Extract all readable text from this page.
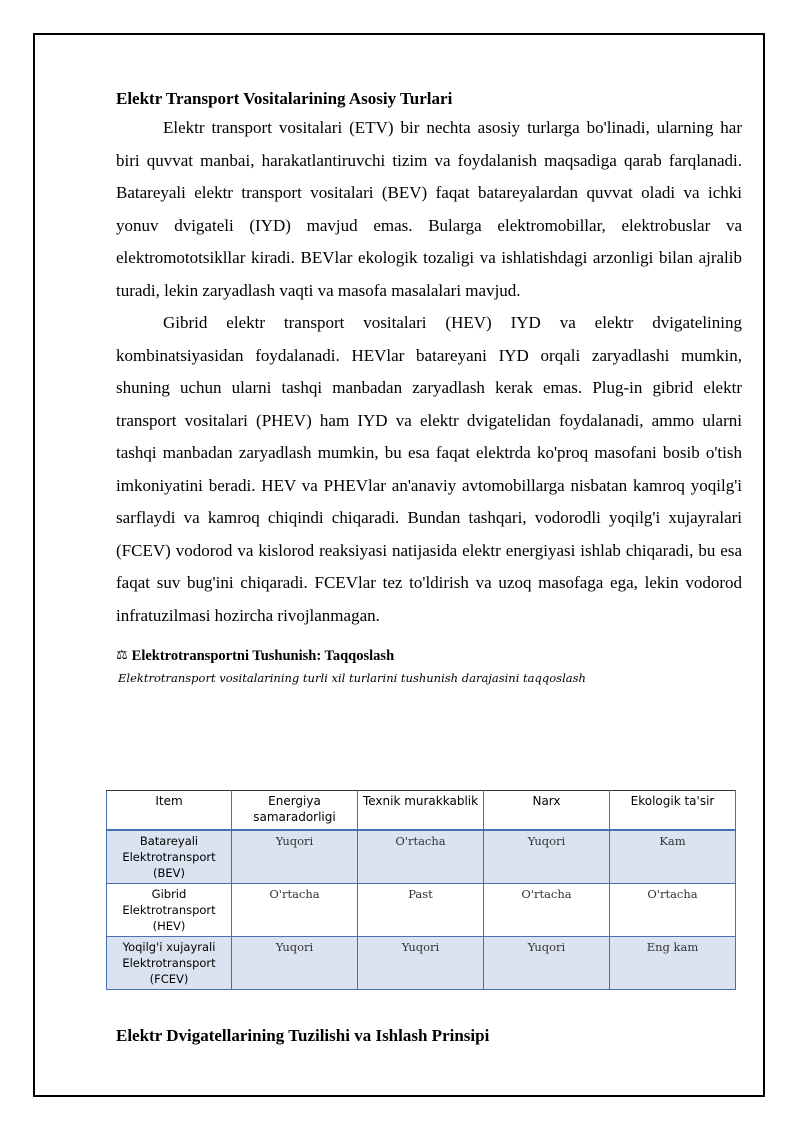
Elektr Transport Vositalarining Asosiy Turlari

Elektr transport vositalari (ETV) bir nechta asosiy turlarga bo'linadi, ularning har biri quvvat manbai, harakatlantiruvchi tizim va foydalanish maqsadiga qarab farqlanadi. Batareyali elektr transport vositalari (BEV) faqat batareyalardan quvvat oladi va ichki yonuv dvigateli (IYD) mavjud emas. Bularga elektromobillar, elektrobuslar va elektromototsikllar kiradi. BEVlar ekologik tozaligi va ishlatishdagi arzonligi bilan ajralib turadi, lekin zaryadlash vaqti va masofa masalalari mavjud.

Gibrid elektr transport vositalari (HEV) IYD va elektr dvigatelining kombinatsiyasidan foydalanadi. HEVlar batareyani IYD orqali zaryadlashi mumkin, shuning uchun ularni tashqi manbadan zaryadlash kerak emas. Plug-in gibrid elektr transport vositalari (PHEV) ham IYD va elektr dvigatelidan foydalanadi, ammo ularni tashqi manbadan zaryadlash mumkin, bu esa faqat elektrda ko'proq masofani bosib o'tish imkoniyatini beradi. HEV va PHEVlar an'anaviy avtomobillarga nisbatan kamroq yoqilg'i sarflaydi va kamroq chiqindi chiqaradi. Bundan tashqari, vodorodli yoqilg'i xujayralari (FCEV) vodorod va kislorod reaksiyasi natijasida elektr energiyasi ishlab chiqaradi, bu esa faqat suv bug'ini chiqaradi. FCEVlar tez to'ldirish va uzoq masofaga ega, lekin vodorod infratuzilmasi hozircha rivojlanmagan.

⚖ Elektrotransportni Tushunish: Taqqoslash
Elektrotransport vositalarining turli xil turlarini tushunish darajasini taqqoslash
Item	Energiya samaradorligi	Texnik murakkablik	Narx	Ekologik ta'sir
Batareyali Elektrotransport (BEV)	Yuqori	O'rtacha	Yuqori	Kam
Gibrid Elektrotransport (HEV)	O'rtacha	Past	O'rtacha	O'rtacha
Yoqilg'i xujayrali Elektrotransport (FCEV)	Yuqori	Yuqori	Yuqori	Eng kam
Elektr Dvigatellarining Tuzilishi va Ishlash Prinsipi
